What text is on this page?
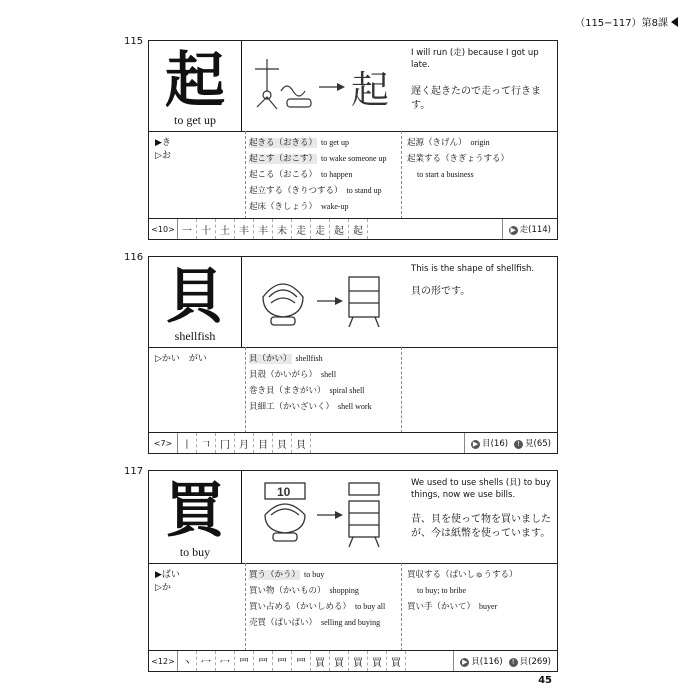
（115−117）第8課
115
起
to get up
起
I will run (走) because I got up late.
遅く起きたので走って行きます。
▶き
▷お
起きる（おきる） to get up
起こす（おこす） to wake someone up
起こる（おこる） to happen
起立する（きりつする） to stand up
起床（きしょう） wake-up
起源（きげん） origin
起業する（きぎょうする）
to start a business
<10> 一 十 土 丰 丰 未 走 走 起 起	▶ 走(114)
116
貝
shellfish
This is the shape of shellfish.
貝の形です。
▷かい　がい	貝（かい） shellfish
貝殻（かいがら） shell
巻き貝（まきがい） spiral shell
貝細工（かいざいく） shell work
<7> 丨 𠃍 冂 月 目 貝 貝	▶ 目(16)	! 見(65)
117
買
to buy
10
We used to use shells (貝) to buy things, now we use bills.
昔、貝を使って物を買いましたが、今は紙幣を使っています。
▶ばい
▷か
買う（かう） to buy
買い物（かいもの） shopping
買い占める（かいしめる） to buy all
売買（ばいばい） selling and buying
買収する（ばいしゅうする）
to buy; to bribe
買い手（かいて） buyer
<12> 丶 冖 冖 罒 罒 罒 罒 買 買 買 買 買	▶ 貝(116)	! 貝(269)
45
